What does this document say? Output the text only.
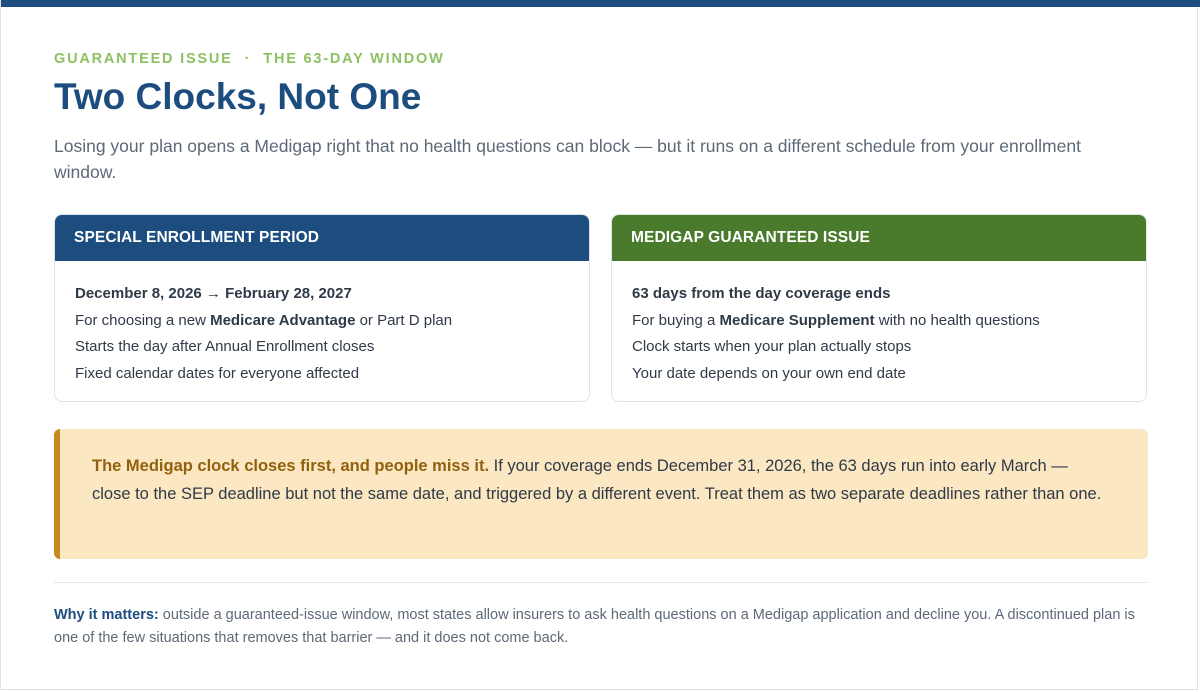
GUARANTEED ISSUE · THE 63-DAY WINDOW
Two Clocks, Not One

Losing your plan opens a Medigap right that no health questions can block — but it runs on a different schedule from your enrollment window.

SPECIAL ENROLLMENT PERIOD
December 8, 2026 → February 28, 2027
For choosing a new Medicare Advantage or Part D plan
Starts the day after Annual Enrollment closes
Fixed calendar dates for everyone affected
MEDIGAP GUARANTEED ISSUE
63 days from the day coverage ends
For buying a Medicare Supplement with no health questions
Clock starts when your plan actually stops
Your date depends on your own end date

The Medigap clock closes first, and people miss it. If your coverage ends December 31, 2026, the 63 days run into early March — close to the SEP deadline but not the same date, and triggered by a different event. Treat them as two separate deadlines rather than one.

Why it matters: outside a guaranteed-issue window, most states allow insurers to ask health questions on a Medigap application and decline you. A discontinued plan is one of the few situations that removes that barrier — and it does not come back.
